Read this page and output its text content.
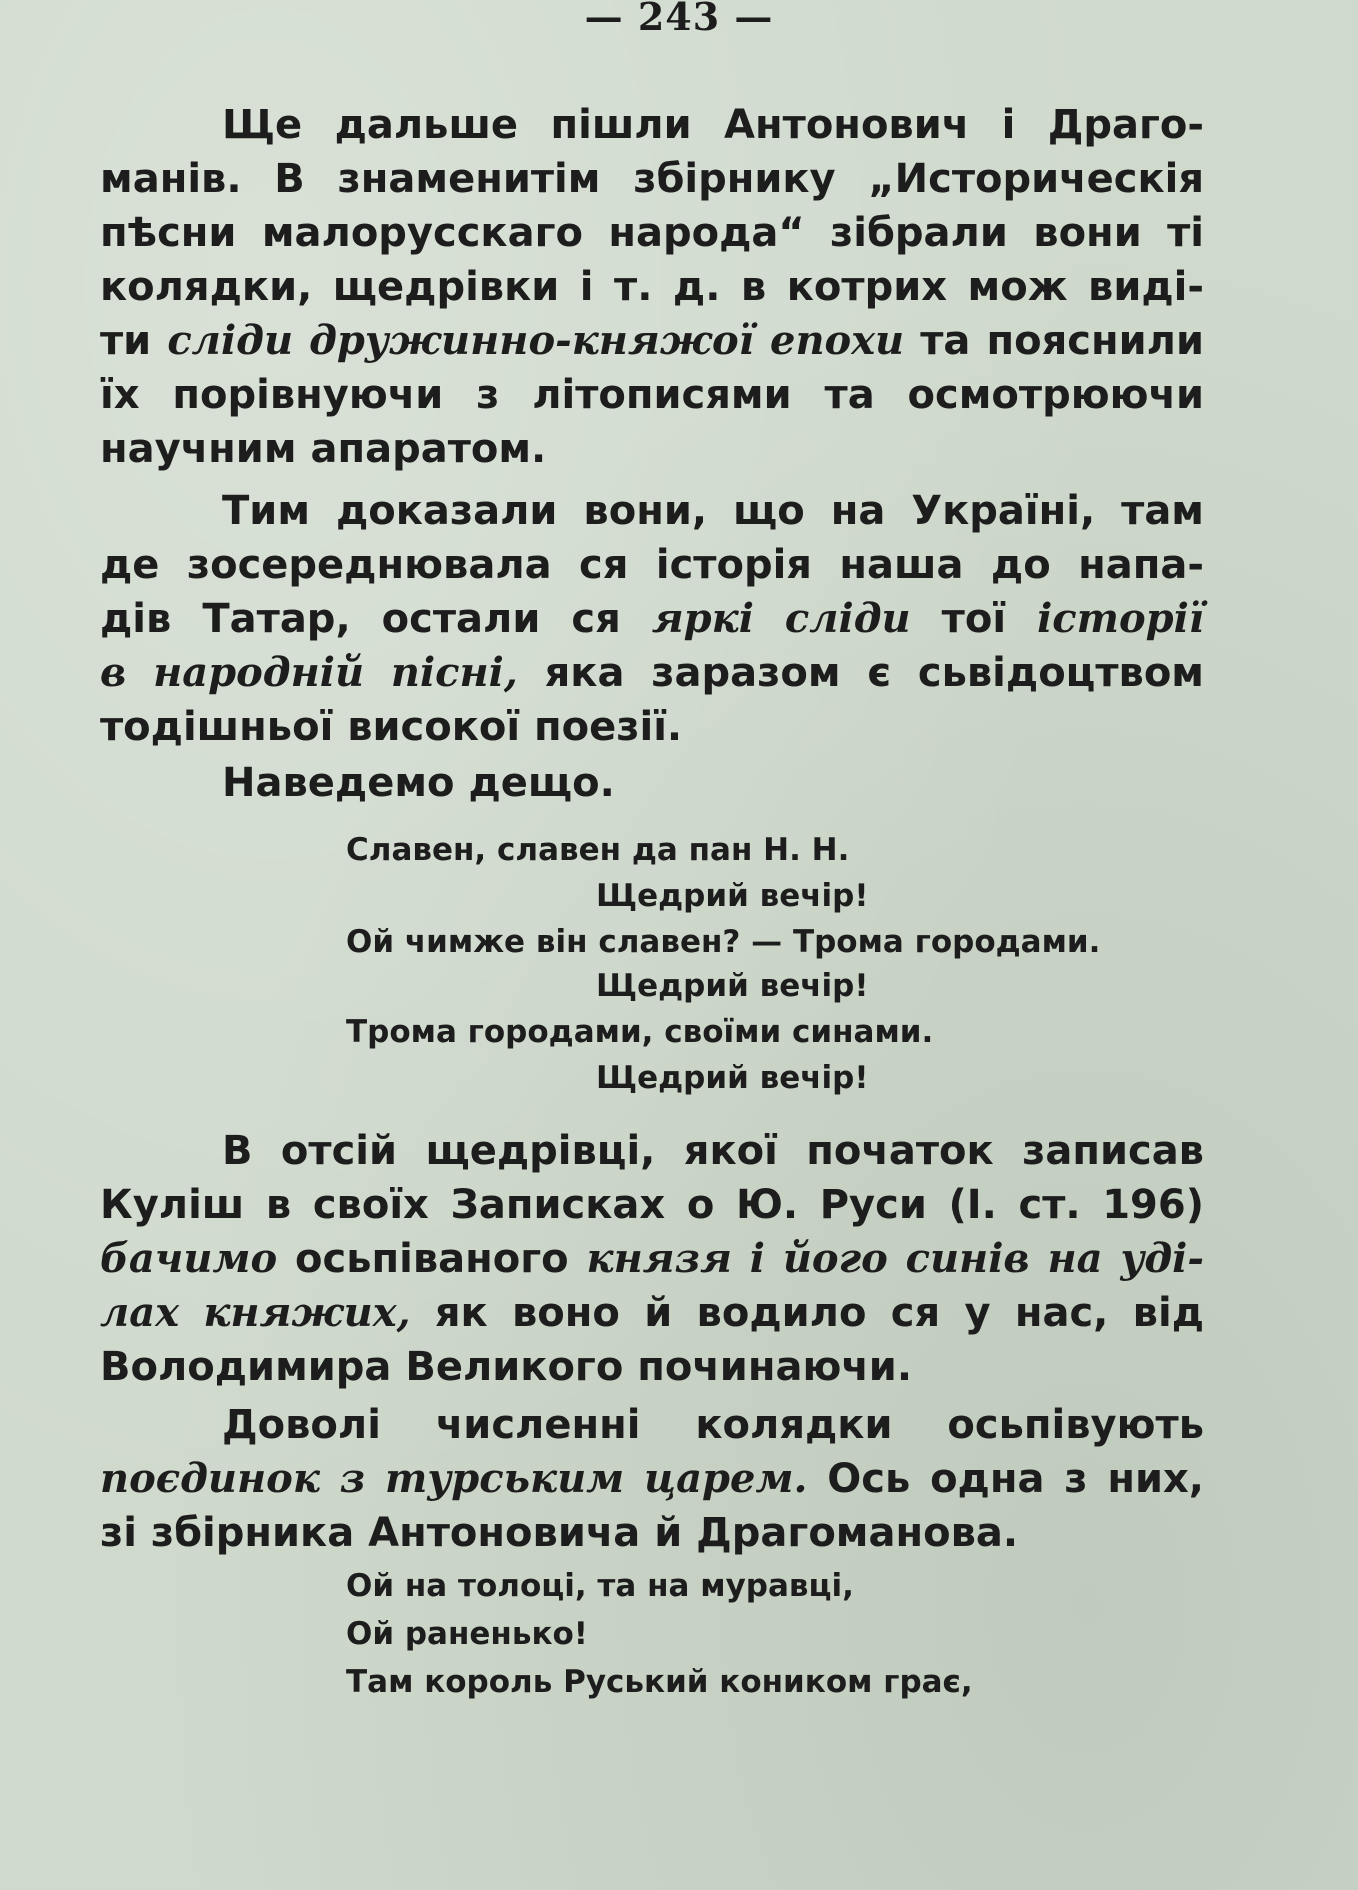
— 243 —
Ще дальше пішли Антонович і Драго-
манів. В знаменитім збірнику „Историческія
пѣсни малорусскаго народа“ зібрали вони ті
колядки, щедрівки і т. д. в котрих мож виді-
ти сліди дружинно-княжої епохи та пояснили
їх порівнуючи з літописями та осмотрюючи
научним апаратом.
Тим доказали вони, що на Україні, там
де зосереднювала ся історія наша до напа-
дів Татар, остали ся яркі сліди тої історії
в народній пісні, яка заразом є сьвідоцтвом
тодішньої високої поезії.
Наведемо дещо.
Славен, славен да пан Н. Н.
Щедрий вечір!
Ой чимже він славен? — Трома городами.
Щедрий вечір!
Трома городами, своїми синами.
Щедрий вечір!
В отсій щедрівці, якої початок записав
Куліш в своїх Записках о Ю. Руси (І. ст. 196)
бачимо осьпіваного князя і його синів на уді-
лах княжих, як воно й водило ся у нас, від
Володимира Великого починаючи.
Доволі численні колядки осьпівують
поєдинок з турським царем. Ось одна з них,
зі збірника Антоновича й Драгоманова.
Ой на толоці, та на муравці,
Ой раненько!
Там король Руський коником грає,
